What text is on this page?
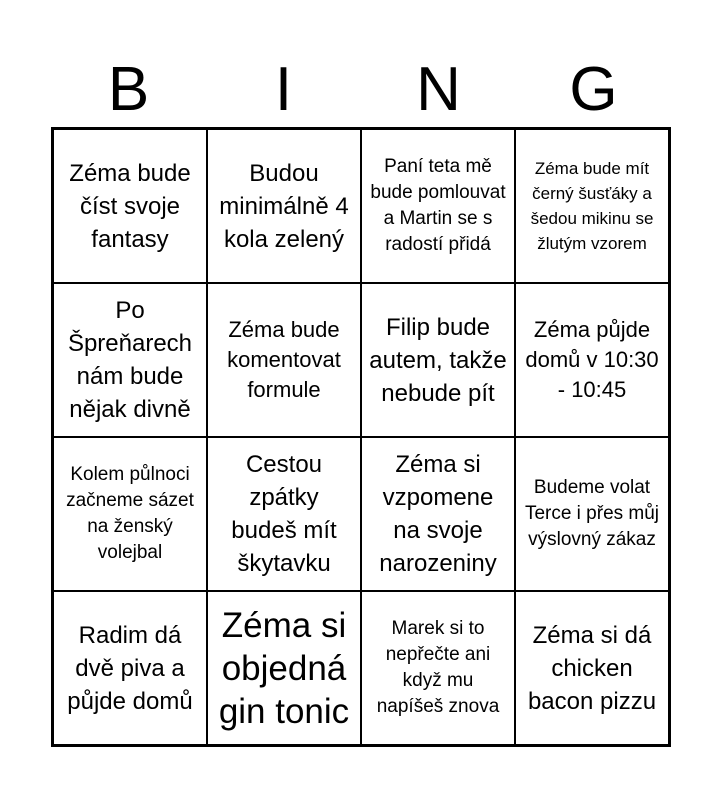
B	I	N	G
Zéma bude číst svoje fantasy
Budou minimálně 4 kola zelený
Paní teta mě bude pomlouvat a Martin se s radostí přidá
Zéma bude mít černý šusťáky a šedou mikinu se žlutým vzorem
Po Špreňarech nám bude nějak divně
Zéma bude komentovat formule
Filip bude autem, takže nebude pít
Zéma půjde domů v 10:30 - 10:45
Kolem půlnoci začneme sázet na ženský volejbal
Cestou zpátky budeš mít škytavku
Zéma si vzpomene na svoje narozeniny
Budeme volat Terce i přes můj výslovný zákaz
Radim dá dvě piva a půjde domů
Zéma si objedná gin tonic
Marek si to nepřečte ani když mu napíšeš znova
Zéma si dá chicken bacon pizzu
